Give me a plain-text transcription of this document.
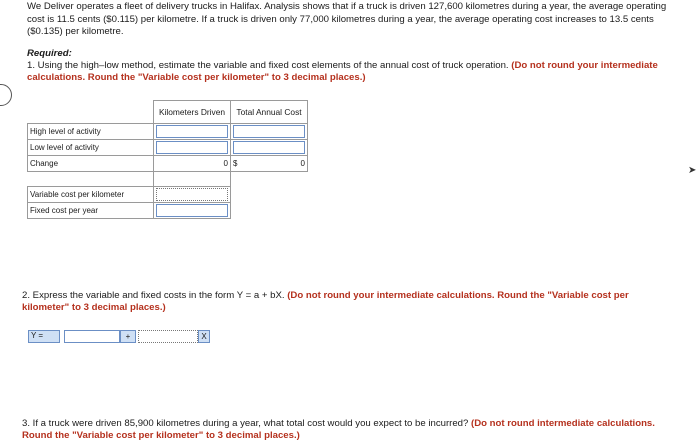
We Deliver operates a fleet of delivery trucks in Halifax. Analysis shows that if a truck is driven 127,600 kilometres during a year, the average operating cost is 11.5 cents ($0.115) per kilometre. If a truck is driven only 77,000 kilometres during a year, the average operating cost increases to 13.5 cents ($0.135) per kilometre.
Required:
1. Using the high–low method, estimate the variable and fixed cost elements of the annual cost of truck operation. (Do not round your intermediate calculations. Round the "Variable cost per kilometer" to 3 decimal places.)
	Kilometers Driven	Total Annual Cost
High level of activity	

Low level of activity	

Change	0	$ 0

Variable cost per kilometer	

Fixed cost per year	

2. Express the variable and fixed costs in the form Y = a + bX. (Do not round your intermediate calculations. Round the "Variable cost per kilometer" to 3 decimal places.)
Y =	+	X
3. If a truck were driven 85,900 kilometres during a year, what total cost would you expect to be incurred? (Do not round intermediate calculations. Round the "Variable cost per kilometer" to 3 decimal places.)
➤
